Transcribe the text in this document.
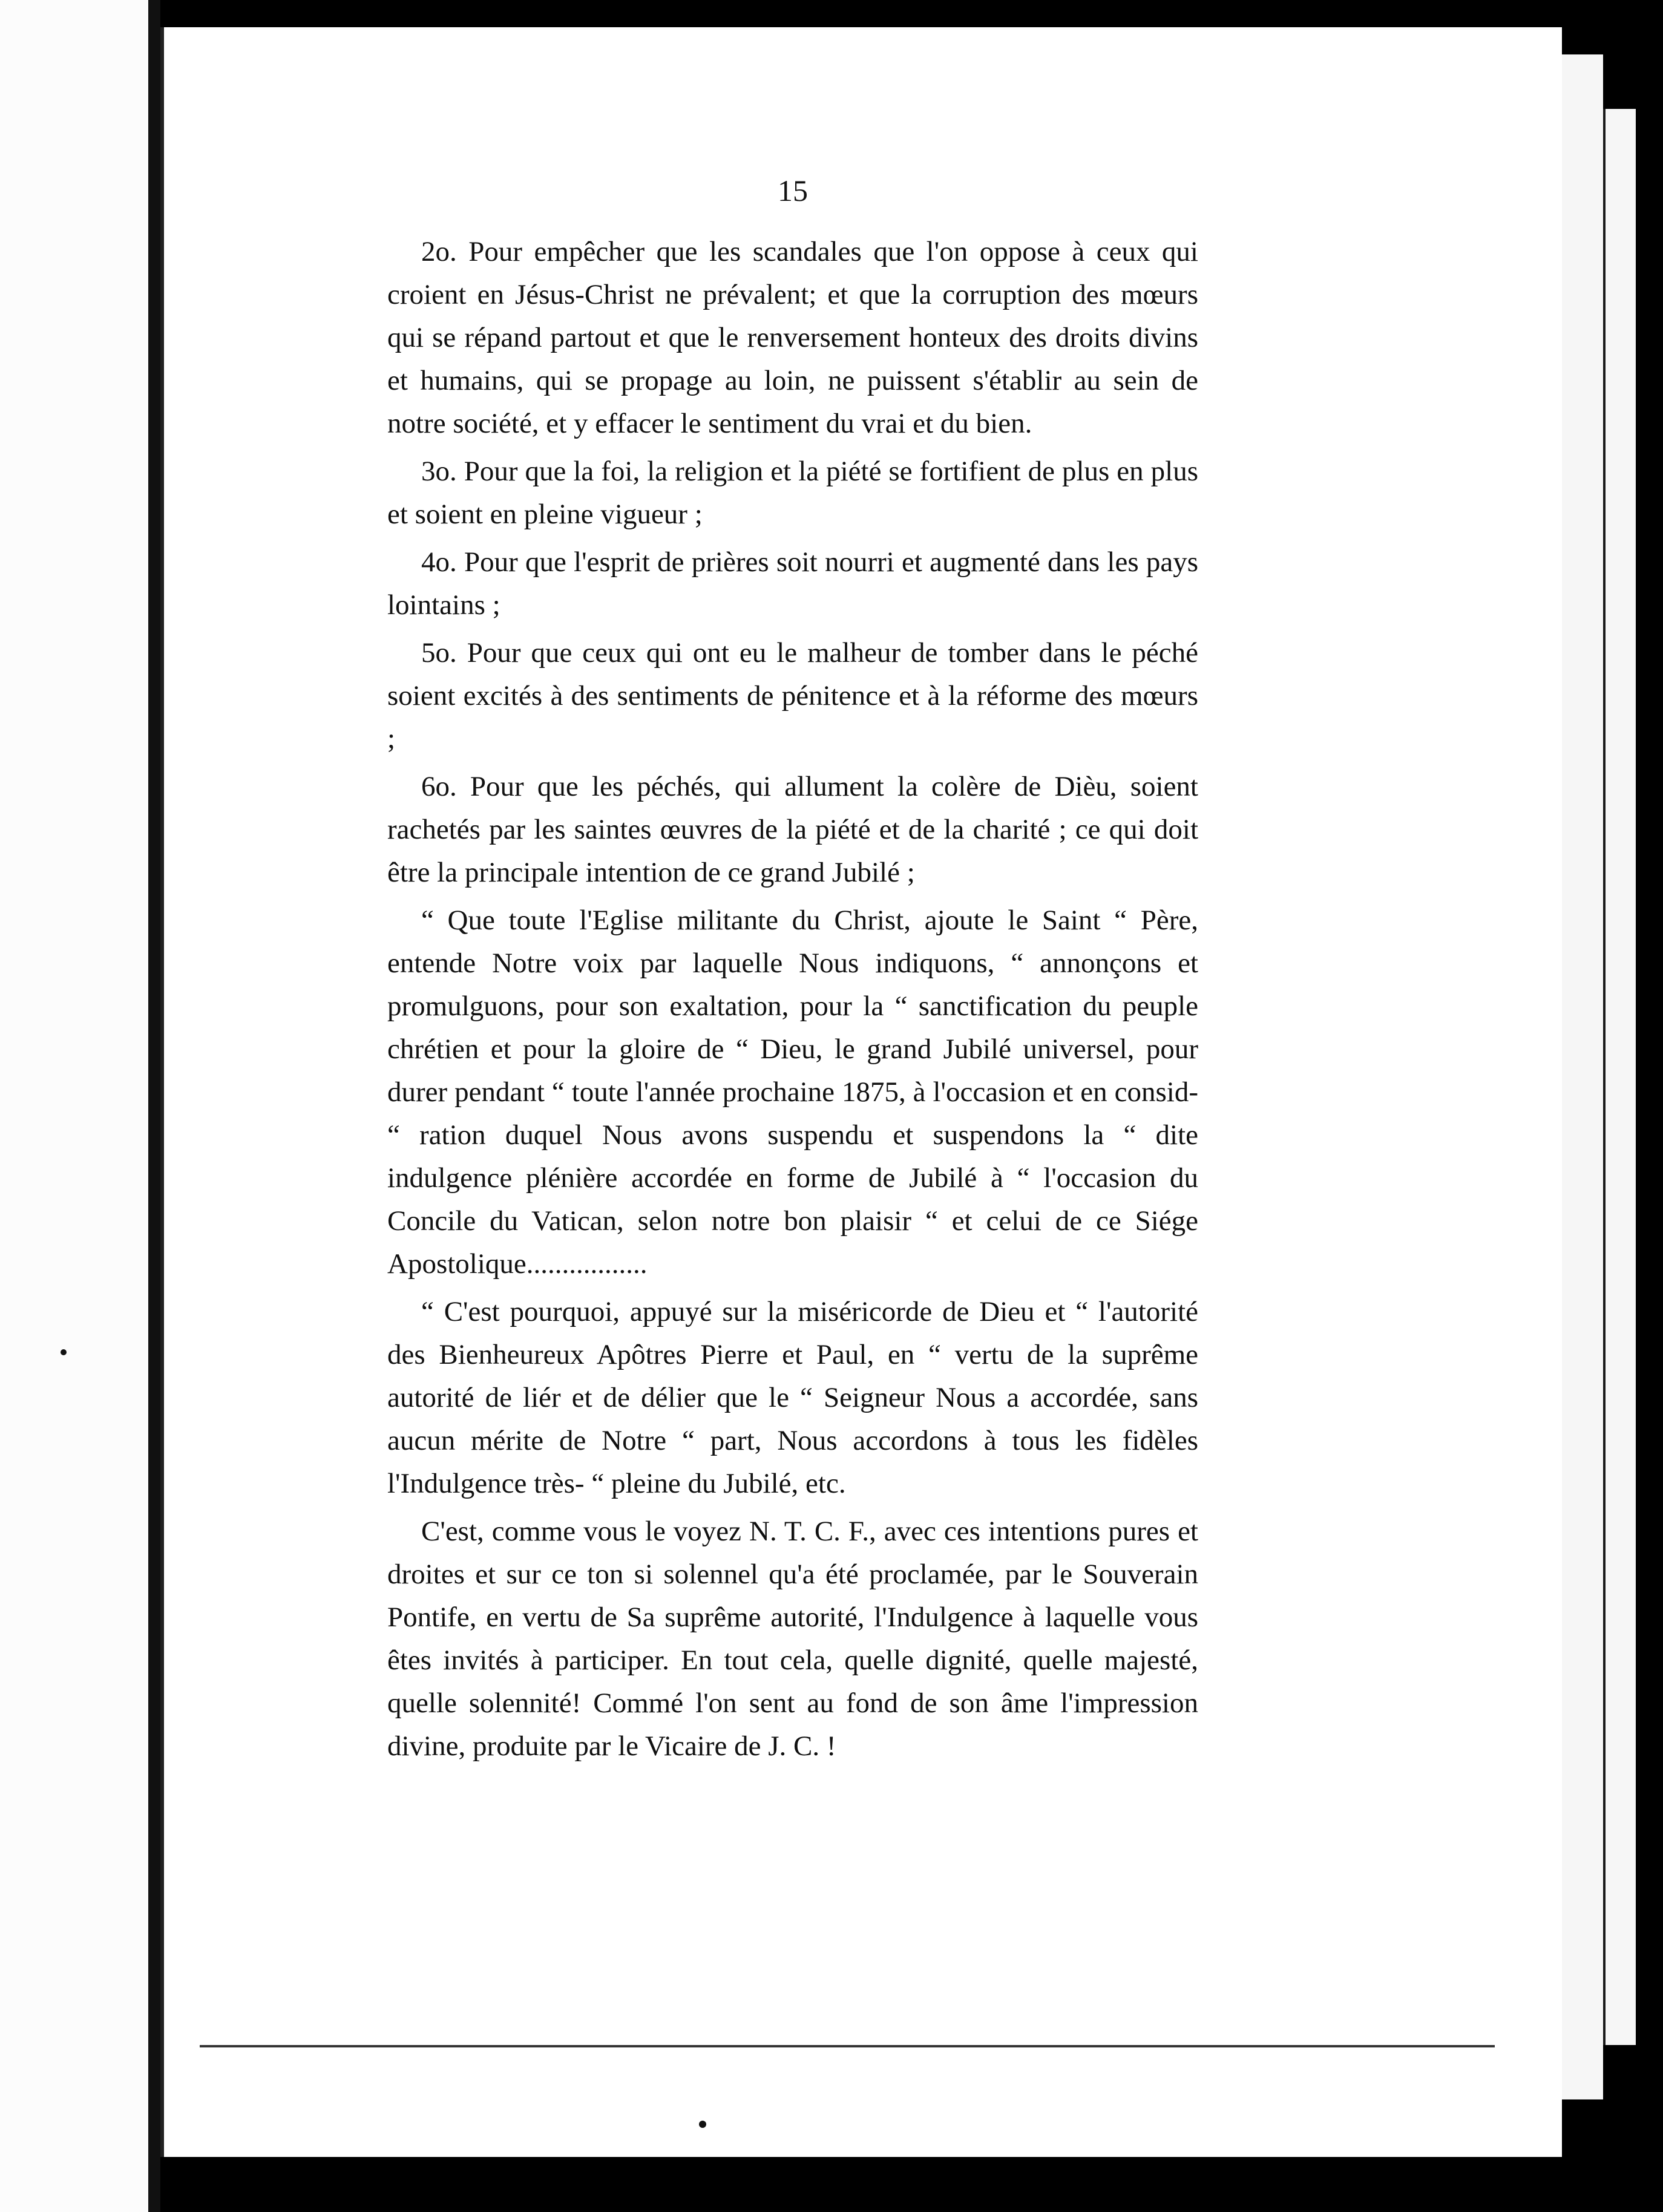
15

2o. Pour empêcher que les scandales que l'on oppose à ceux qui croient en Jésus-Christ ne prévalent; et que la corruption des mœurs qui se répand partout et que le renversement honteux des droits divins et humains, qui se propage au loin, ne puissent s'établir au sein de notre société, et y effacer le sentiment du vrai et du bien.

3o. Pour que la foi, la religion et la piété se fortifient de plus en plus et soient en pleine vigueur ;

4o. Pour que l'esprit de prières soit nourri et augmenté dans les pays lointains ;

5o. Pour que ceux qui ont eu le malheur de tomber dans le péché soient excités à des sentiments de pénitence et à la réforme des mœurs ;

6o. Pour que les péchés, qui allument la colère de Dièu, soient rachetés par les saintes œuvres de la piété et de la charité ; ce qui doit être la principale intention de ce grand Jubilé ;

“ Que toute l'Eglise militante du Christ, ajoute le Saint “ Père, entende Notre voix par laquelle Nous indiquons, “ annonçons et promulguons, pour son exaltation, pour la “ sanctification du peuple chrétien et pour la gloire de “ Dieu, le grand Jubilé universel, pour durer pendant “ toute l'année prochaine 1875, à l'occasion et en consid- “ ration duquel Nous avons suspendu et suspendons la “ dite indulgence plénière accordée en forme de Jubilé à “ l'occasion du Concile du Vatican, selon notre bon plaisir “ et celui de ce Siége Apostolique.................

“ C'est pourquoi, appuyé sur la miséricorde de Dieu et “ l'autorité des Bienheureux Apôtres Pierre et Paul, en “ vertu de la suprême autorité de liér et de délier que le “ Seigneur Nous a accordée, sans aucun mérite de Notre “ part, Nous accordons à tous les fidèles l'Indulgence très- “ pleine du Jubilé, etc.

C'est, comme vous le voyez N. T. C. F., avec ces intentions pures et droites et sur ce ton si solennel qu'a été proclamée, par le Souverain Pontife, en vertu de Sa suprême autorité, l'Indulgence à laquelle vous êtes invités à participer. En tout cela, quelle dignité, quelle majesté, quelle solennité! Commé l'on sent au fond de son âme l'impression divine, produite par le Vicaire de J. C. !
